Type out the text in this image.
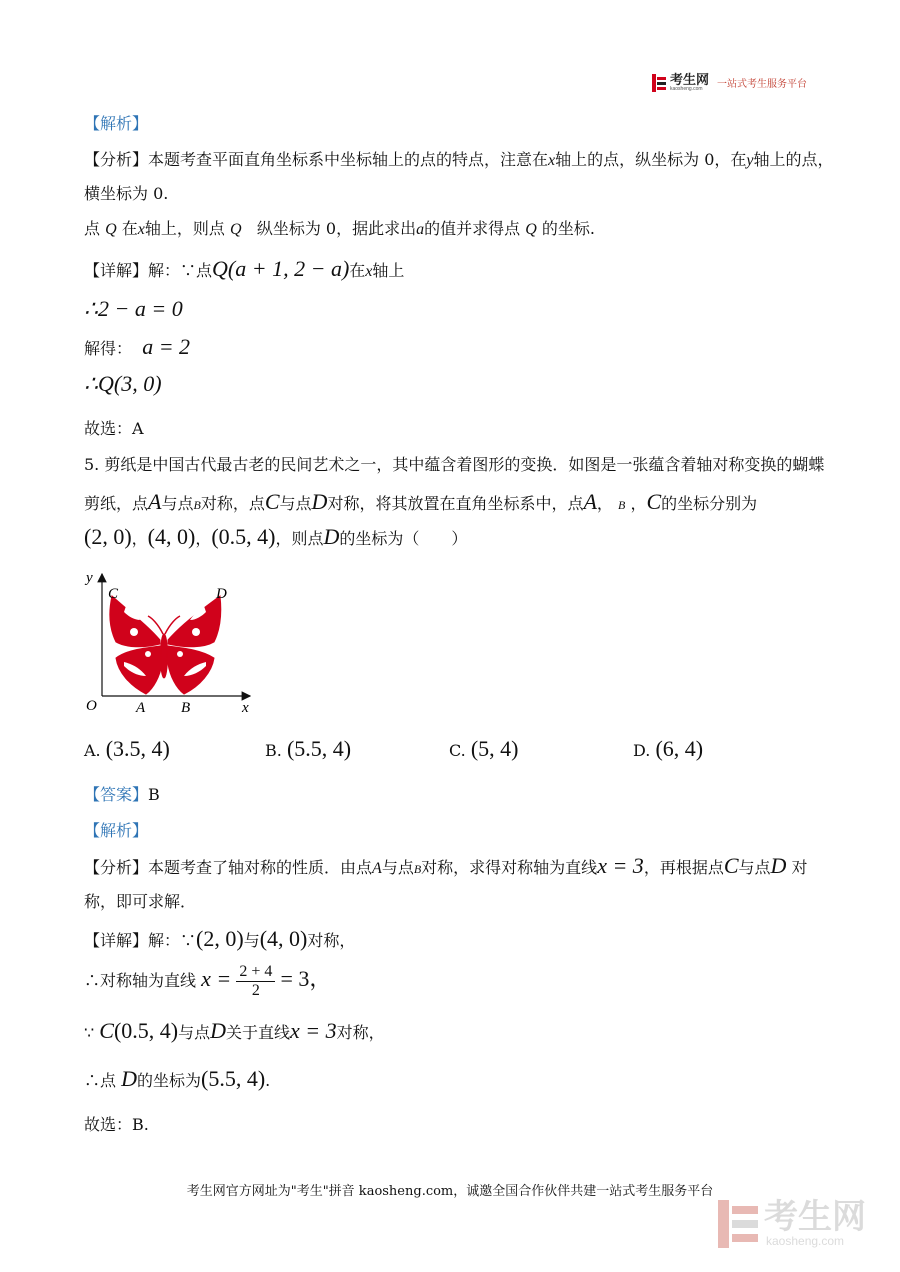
考生网
kaosheng.com	一站式考生服务平台
【解析】
【分析】本题考查平面直角坐标系中坐标轴上的点的特点，注意在x轴上的点，纵坐标为 0，在y轴上的点，
横坐标为 0.
点 Q 在x轴上，则点 Q 纵坐标为 0，据此求出a的值并求得点 Q 的坐标.
【详解】解：∵点Q(a + 1, 2 − a)在x轴上
∴2 − a = 0
解得： a = 2
∴Q(3, 0)
故选：A
5. 剪纸是中国古代最古老的民间艺术之一，其中蕴含着图形的变换．如图是一张蕴含着轴对称变换的蝴蝶
剪纸，点A与点B对称，点C与点D对称，将其放置在直角坐标系中，点A， B ，C的坐标分别为
(2, 0)，(4, 0)，(0.5, 4)，则点D的坐标为（　　）
y
C	D
O	A B	x
A. (3.5, 4)	B. (5.5, 4)	C. (5, 4)	D. (6, 4)
【答案】B
【解析】
【分析】本题考查了轴对称的性质．由点A与点B对称，求得对称轴为直线x = 3，再根据点C与点D 对
称，即可求解．
【详解】解：∵(2, 0)与(4, 0)对称，
∴对称轴为直线 $x = \frac{2 + 4}{2} = 3$，
∵ C(0.5, 4)与点D关于直线x = 3对称，
∴点 D的坐标为(5.5, 4).
故选：B.
考生网官方网址为"考生"拼音 kaosheng.com，诚邀全国合作伙伴共建一站式考生服务平台
考生网
kaosheng.com
